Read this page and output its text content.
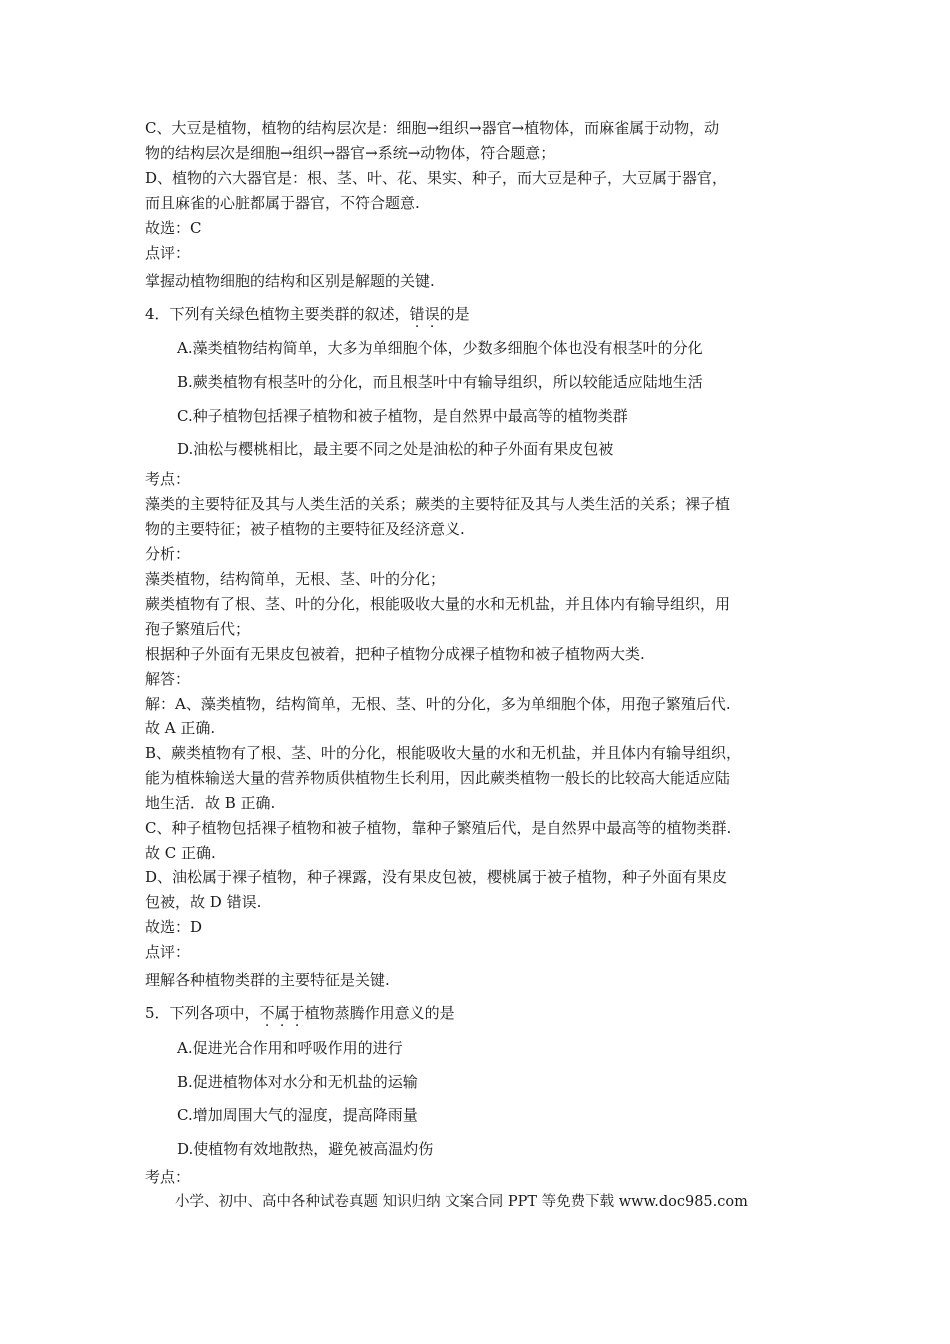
C、大豆是植物，植物的结构层次是：细胞→组织→器官→植物体，而麻雀属于动物，动
物的结构层次是细胞→组织→器官→系统→动物体，符合题意；
D、植物的六大器官是：根、茎、叶、花、果实、种子，而大豆是种子，大豆属于器官，
而且麻雀的心脏都属于器官，不符合题意.
故选：C
点评：
掌握动植物细胞的结构和区别是解题的关键.
4．下列有关绿色植物主要类群的叙述，错误的是
A.藻类植物结构简单，大多为单细胞个体，少数多细胞个体也没有根茎叶的分化
B.蕨类植物有根茎叶的分化，而且根茎叶中有输导组织，所以较能适应陆地生活
C.种子植物包括裸子植物和被子植物，是自然界中最高等的植物类群
D.油松与樱桃相比，最主要不同之处是油松的种子外面有果皮包被
考点：
藻类的主要特征及其与人类生活的关系；蕨类的主要特征及其与人类生活的关系；裸子植
物的主要特征；被子植物的主要特征及经济意义.
分析：
藻类植物，结构简单，无根、茎、叶的分化；
蕨类植物有了根、茎、叶的分化，根能吸收大量的水和无机盐，并且体内有输导组织，用
孢子繁殖后代；
根据种子外面有无果皮包被着，把种子植物分成裸子植物和被子植物两大类.
解答：
解：A、藻类植物，结构简单，无根、茎、叶的分化，多为单细胞个体，用孢子繁殖后代.
故 A 正确.
B、蕨类植物有了根、茎、叶的分化，根能吸收大量的水和无机盐，并且体内有输导组织，
能为植株输送大量的营养物质供植物生长利用，因此蕨类植物一般长的比较高大能适应陆
地生活．故 B 正确.
C、种子植物包括裸子植物和被子植物，靠种子繁殖后代，是自然界中最高等的植物类群.
故 C 正确.
D、油松属于裸子植物，种子裸露，没有果皮包被，樱桃属于被子植物，种子外面有果皮
包被，故 D 错误.
故选：D
点评：
理解各种植物类群的主要特征是关键.
5．下列各项中，不属于植物蒸腾作用意义的是
A.促进光合作用和呼吸作用的进行
B.促进植物体对水分和无机盐的运输
C.增加周围大气的湿度，提高降雨量
D.使植物有效地散热，避免被高温灼伤
考点：
小学、初中、高中各种试卷真题 知识归纳 文案合同 PPT 等免费下载 www.doc985.com
